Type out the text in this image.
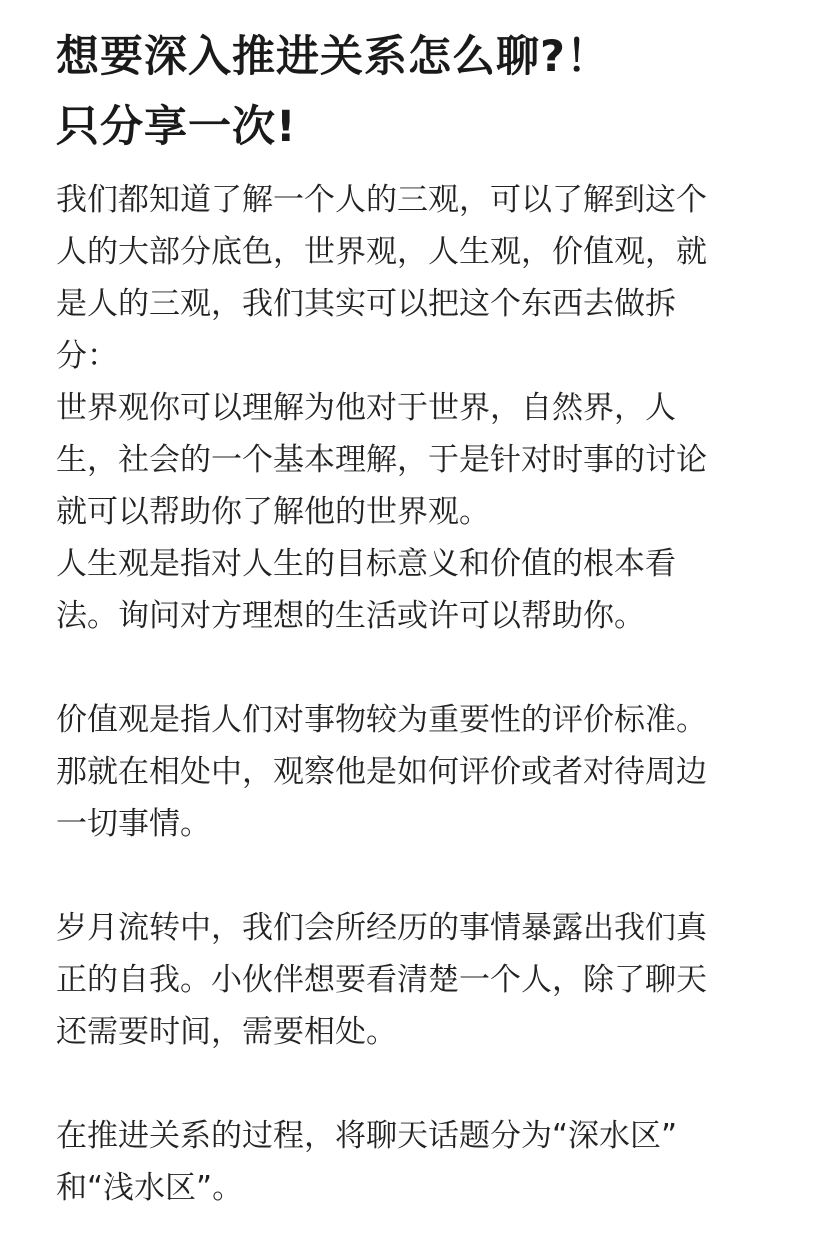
想要深入推进关系怎么聊?！
只分享一次!

我们都知道了解一个人的三观，可以了解到这个
人的大部分底色，世界观，人生观，价值观，就
是人的三观，我们其实可以把这个东西去做拆
分：

世界观你可以理解为他对于世界，自然界，人
生，社会的一个基本理解，于是针对时事的讨论
就可以帮助你了解他的世界观。

人生观是指对人生的目标意义和价值的根本看
法。询问对方理想的生活或许可以帮助你。

价值观是指人们对事物较为重要性的评价标准。
那就在相处中，观察他是如何评价或者对待周边
一切事情。

岁月流转中，我们会所经历的事情暴露出我们真
正的自我。小伙伴想要看清楚一个人，除了聊天
还需要时间，需要相处。

在推进关系的过程，将聊天话题分为“深水区”
和“浅水区”。
